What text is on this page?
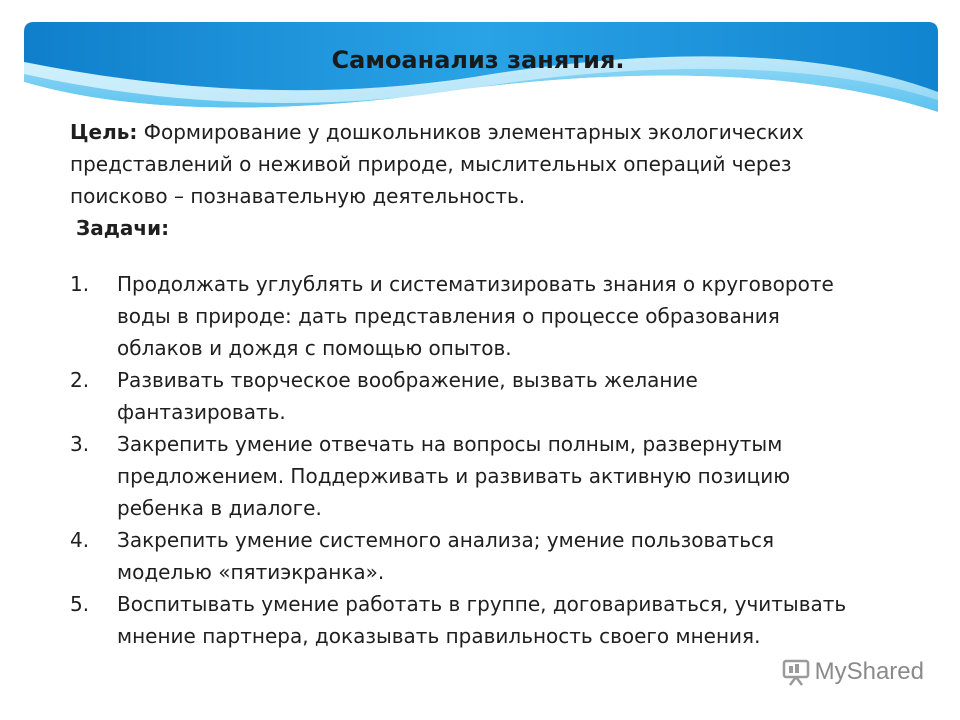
Самоанализ занятия.

Цель: Формирование у дошкольников элементарных экологических представлений о неживой природе, мыслительных операций через поисково – познавательную деятельность.

Задачи:

1. Продолжать углублять и систематизировать знания о круговороте воды в природе: дать представления о процессе образования облаков и дождя с помощью опытов.
2. Развивать творческое воображение, вызвать желание фантазировать.
3. Закрепить умение отвечать на вопросы полным, развернутым предложением. Поддерживать и развивать активную позицию ребенка в диалоге.
4. Закрепить умение системного анализа; умение пользоваться моделью «пятиэкранка».
5. Воспитывать умение работать в группе, договариваться, учитывать мнение партнера, доказывать правильность своего мнения.
MyShared
